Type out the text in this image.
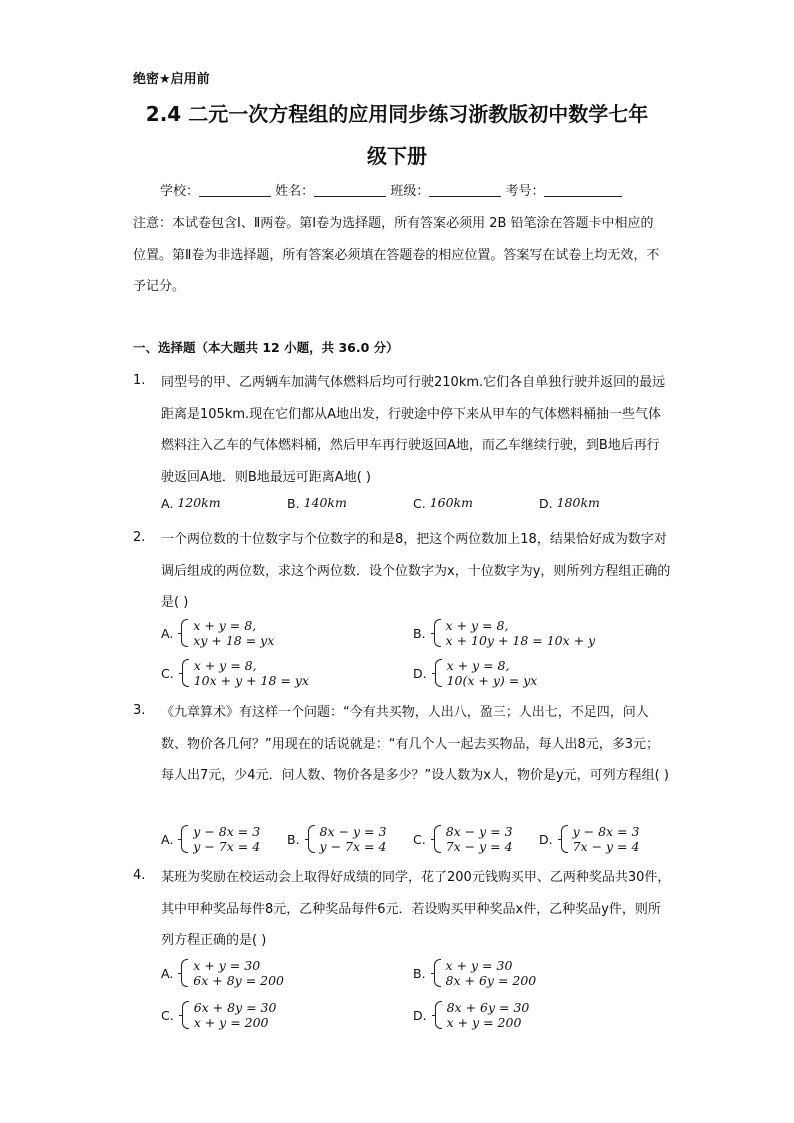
绝密★启用前
2.4 二元一次方程组的应用同步练习浙教版初中数学七年
级下册
学校：	姓名：	班级：	考号：
注意：本试卷包含Ⅰ、Ⅱ两卷。第Ⅰ卷为选择题，所有答案必须用 2B 铅笔涂在答题卡中相应的位置。第Ⅱ卷为非选择题，所有答案必须填在答题卷的相应位置。答案写在试卷上均无效，不予记分。
一、选择题（本大题共 12 小题，共 36.0 分）
1.	同型号的甲、乙两辆车加满气体燃料后均可行驶210km.它们各自单独行驶并返回的最远距离是105km.现在它们都从A地出发，行驶途中停下来从甲车的气体燃料桶抽一些气体燃料注入乙车的气体燃料桶，然后甲车再行驶返回A地，而乙车继续行驶，到B地后再行驶返回A地．则B地最远可距离A地( )
A. 120km	B. 140km	C. 160km	D. 180km
2.	一个两位数的十位数字与个位数字的和是8，把这个两位数加上18，结果恰好成为数字对调后组成的两位数，求这个两位数．设个位数字为x，十位数字为y，则所列方程组正确的是( )
A. x + y = 8,
xy + 18 = yx	B. x + y = 8,
x + 10y + 18 = 10x + y
C. x + y = 8,
10x + y + 18 = yx	D. x + y = 8,
10(x + y) = yx
3.	《九章算术》有这样一个问题：“今有共买物，人出八，盈三；人出七，不足四，问人数、物价各几何？”用现在的话说就是：“有几个人一起去买物品，每人出8元，多3元；每人出7元，少4元．问人数、物价各是多少？”设人数为x人，物价是y元，可列方程组( )
A. y − 8x = 3
y − 7x = 4 B. 8x − y = 3
y − 7x = 4 C. 8x − y = 3
7x − y = 4 D. y − 8x = 3
7x − y = 4
4.	某班为奖励在校运动会上取得好成绩的同学，花了200元钱购买甲、乙两种奖品共30件，其中甲种奖品每件8元，乙种奖品每件6元．若设购买甲种奖品x件，乙种奖品y件，则所列方程正确的是( )
A. x + y = 30
6x + 8y = 200	B. x + y = 30
8x + 6y = 200
C. 6x + 8y = 30
x + y = 200	D. 8x + 6y = 30
x + y = 200
